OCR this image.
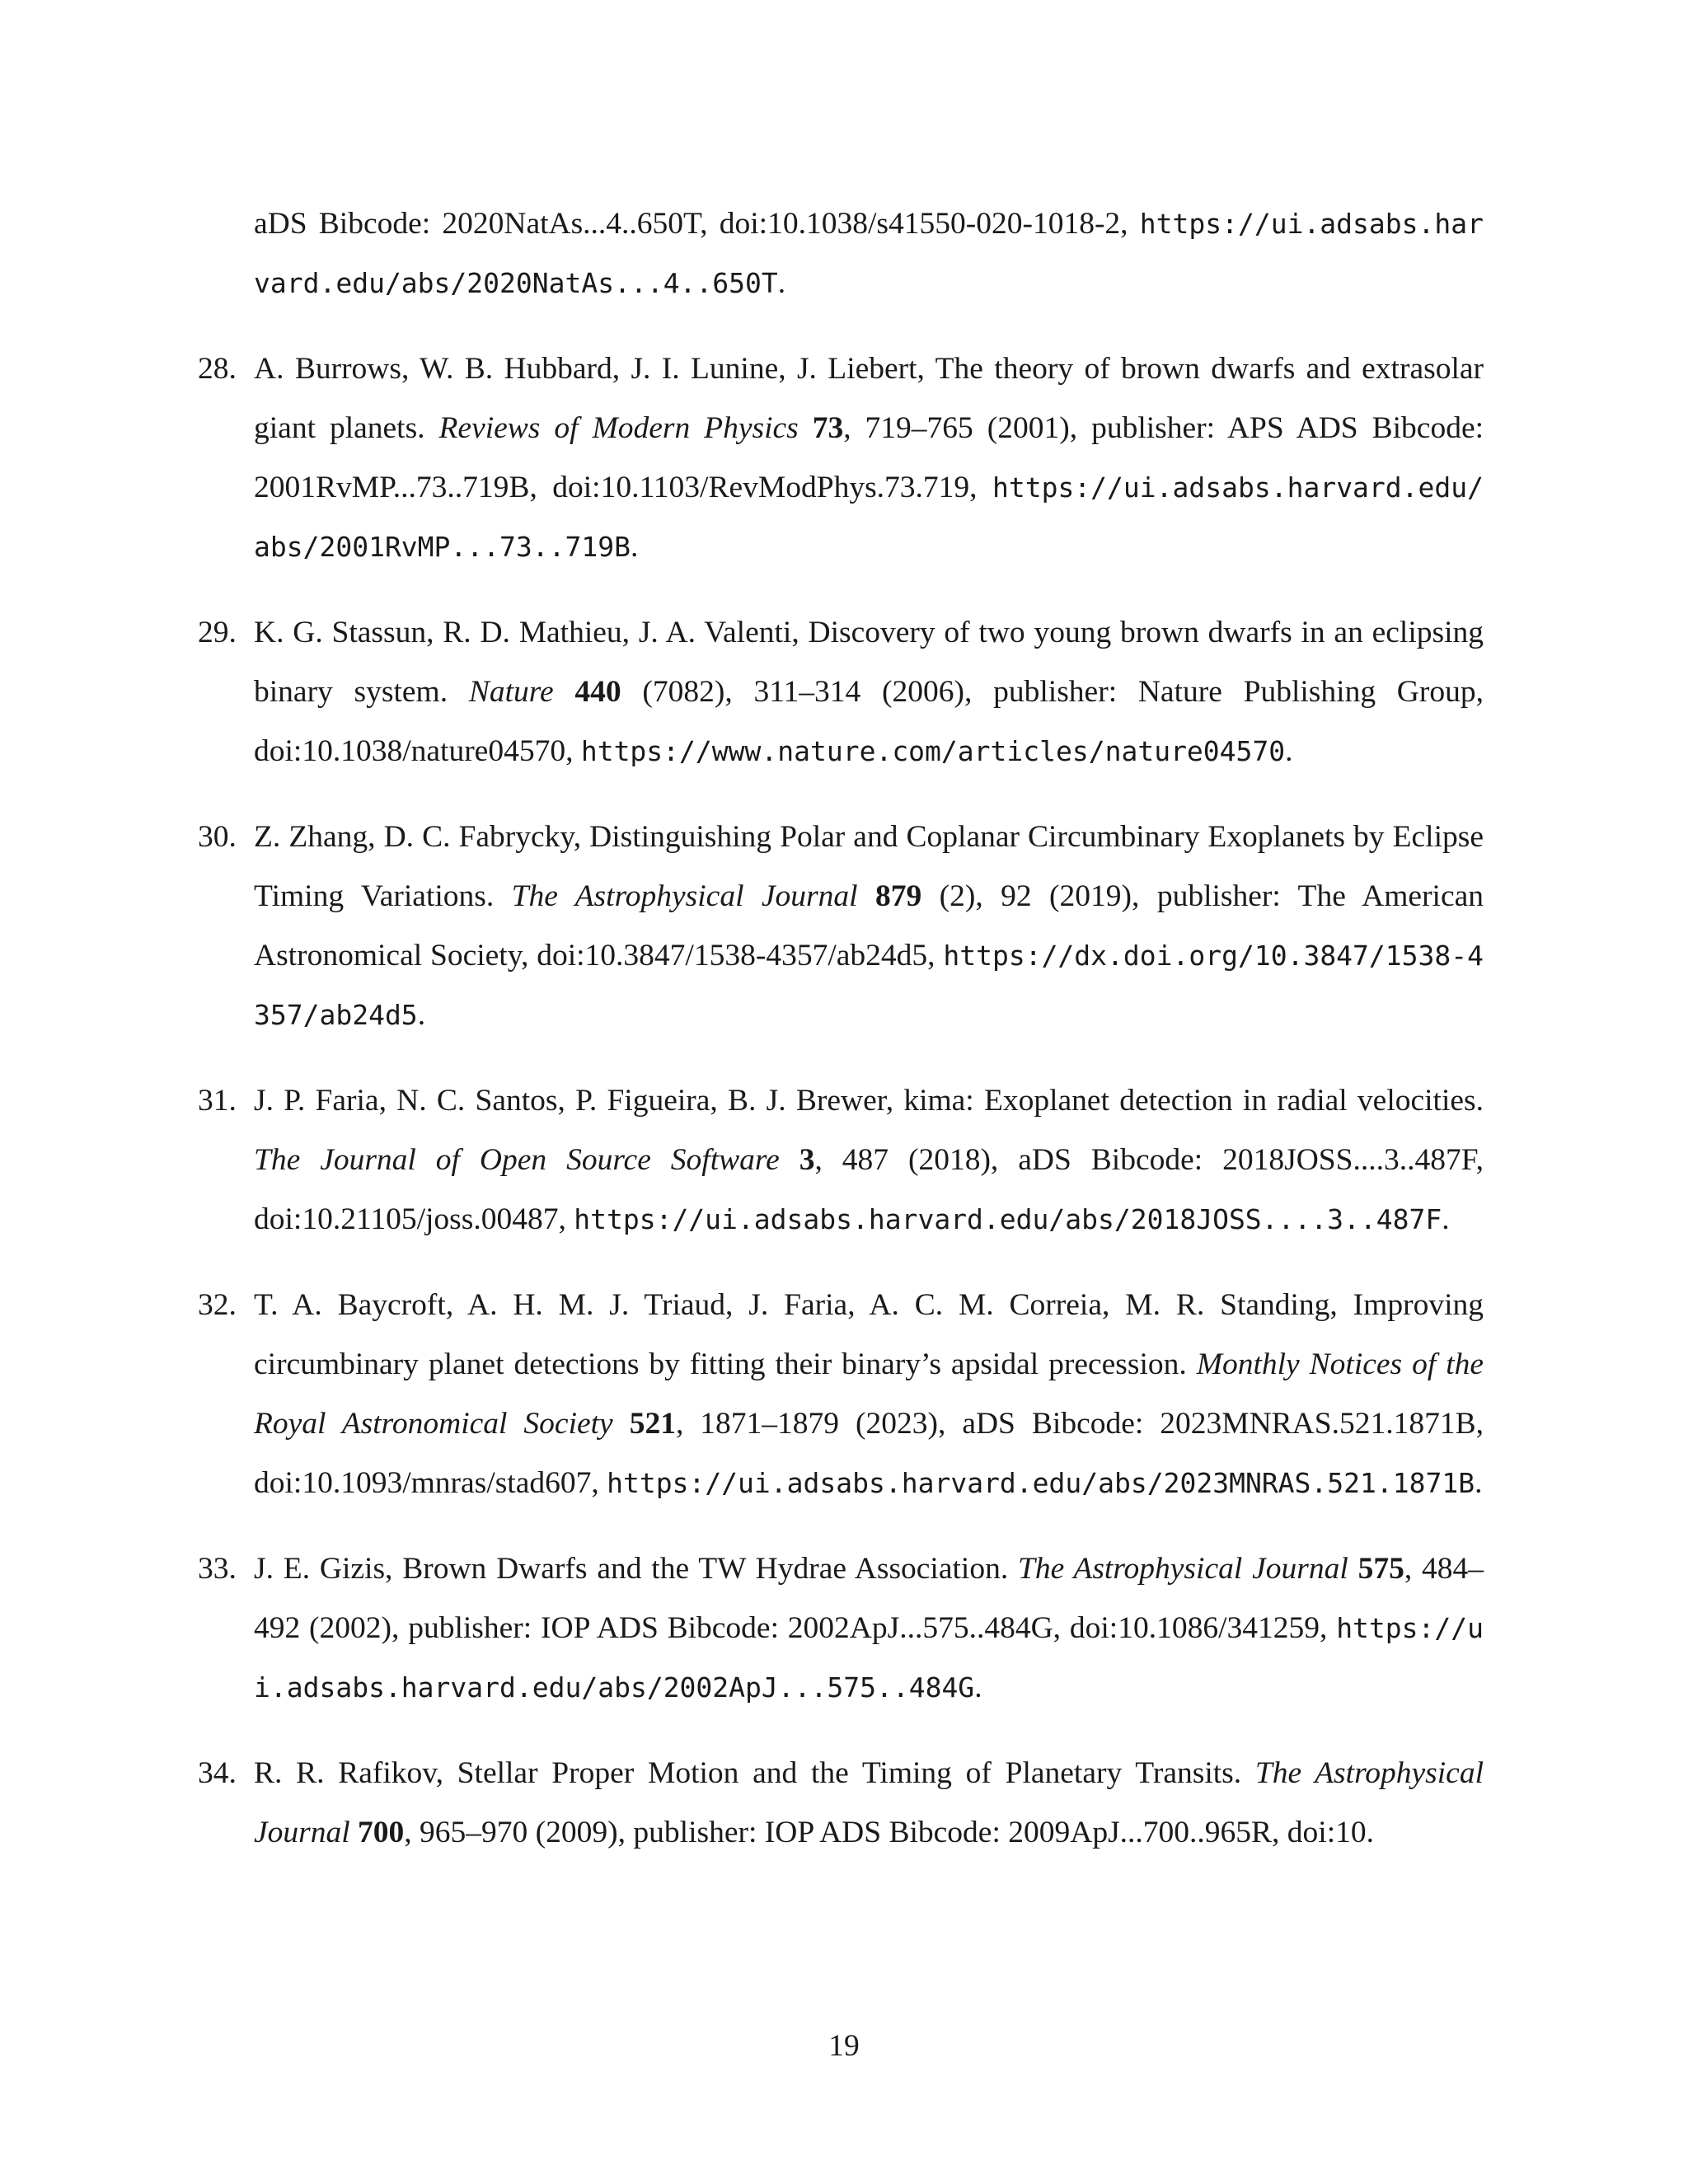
aDS Bibcode: 2020NatAs...4..650T, doi:10.1038/s41550-020-1018-2, https://ui.adsabs.harvard.edu/abs/2020NatAs...4..650T.
28. A. Burrows, W. B. Hubbard, J. I. Lunine, J. Liebert, The theory of brown dwarfs and extrasolar giant planets. Reviews of Modern Physics 73, 719–765 (2001), publisher: APS ADS Bibcode: 2001RvMP...73..719B, doi:10.1103/RevModPhys.73.719, https://ui.adsabs.harvard.edu/abs/2001RvMP...73..719B.
29. K. G. Stassun, R. D. Mathieu, J. A. Valenti, Discovery of two young brown dwarfs in an eclipsing binary system. Nature 440 (7082), 311–314 (2006), publisher: Nature Publishing Group, doi:10.1038/nature04570, https://www.nature.com/articles/nature04570.
30. Z. Zhang, D. C. Fabrycky, Distinguishing Polar and Coplanar Circumbinary Exoplanets by Eclipse Timing Variations. The Astrophysical Journal 879 (2), 92 (2019), publisher: The American Astronomical Society, doi:10.3847/1538-4357/ab24d5, https://dx.doi.org/10.3847/1538-4357/ab24d5.
31. J. P. Faria, N. C. Santos, P. Figueira, B. J. Brewer, kima: Exoplanet detection in radial velocities. The Journal of Open Source Software 3, 487 (2018), aDS Bibcode: 2018JOSS....3..487F, doi:10.21105/joss.00487, https://ui.adsabs.harvard.edu/abs/2018JOSS....3..487F.
32. T. A. Baycroft, A. H. M. J. Triaud, J. Faria, A. C. M. Correia, M. R. Standing, Improving circumbinary planet detections by fitting their binary’s apsidal precession. Monthly Notices of the Royal Astronomical Society 521, 1871–1879 (2023), aDS Bibcode: 2023MNRAS.521.1871B, doi:10.1093/mnras/stad607, https://ui.adsabs.harvard.edu/abs/2023MNRAS.521.1871B.
33. J. E. Gizis, Brown Dwarfs and the TW Hydrae Association. The Astrophysical Journal 575, 484–492 (2002), publisher: IOP ADS Bibcode: 2002ApJ...575..484G, doi:10.1086/341259, https://ui.adsabs.harvard.edu/abs/2002ApJ...575..484G.
34. R. R. Rafikov, Stellar Proper Motion and the Timing of Planetary Transits. The Astrophysical Journal 700, 965–970 (2009), publisher: IOP ADS Bibcode: 2009ApJ...700..965R, doi:10.
19
